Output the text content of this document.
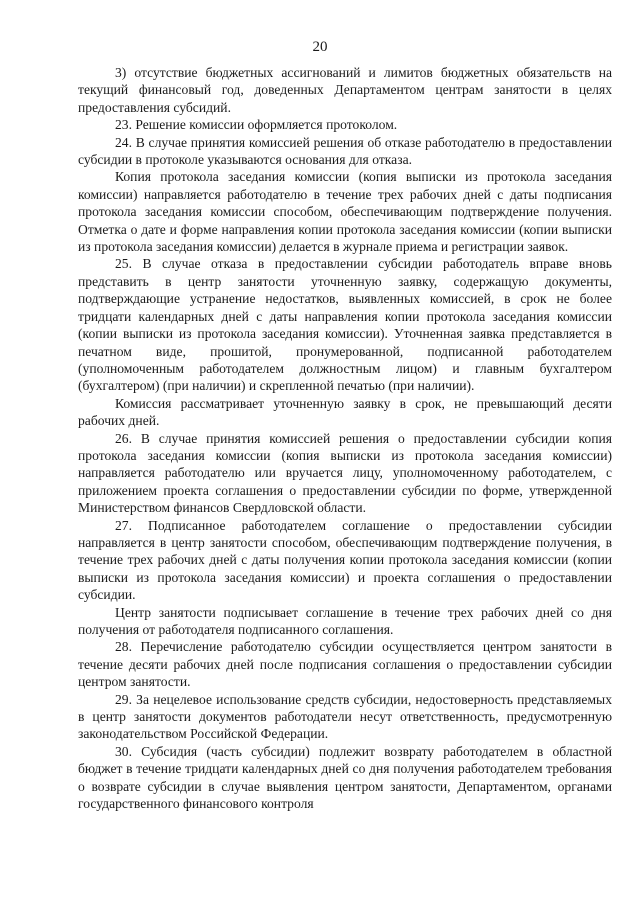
20

3) отсутствие бюджетных ассигнований и лимитов бюджетных обязательств на текущий финансовый год, доведенных Департаментом центрам занятости в целях предоставления субсидий.

23. Решение комиссии оформляется протоколом.

24. В случае принятия комиссией решения об отказе работодателю в предоставлении субсидии в протоколе указываются основания для отказа.

Копия протокола заседания комиссии (копия выписки из протокола заседания комиссии) направляется работодателю в течение трех рабочих дней с даты подписания протокола заседания комиссии способом, обеспечивающим подтверждение получения. Отметка о дате и форме направления копии протокола заседания комиссии (копии выписки из протокола заседания комиссии) делается в журнале приема и регистрации заявок.

25. В случае отказа в предоставлении субсидии работодатель вправе вновь представить в центр занятости уточненную заявку, содержащую документы, подтверждающие устранение недостатков, выявленных комиссией, в срок не более тридцати календарных дней с даты направления копии протокола заседания комиссии (копии выписки из протокола заседания комиссии). Уточненная заявка представляется в печатном виде, прошитой, пронумерованной, подписанной работодателем (уполномоченным работодателем должностным лицом) и главным бухгалтером (бухгалтером) (при наличии) и скрепленной печатью (при наличии).

Комиссия рассматривает уточненную заявку в срок, не превышающий десяти рабочих дней.

26. В случае принятия комиссией решения о предоставлении субсидии копия протокола заседания комиссии (копия выписки из протокола заседания комиссии) направляется работодателю или вручается лицу, уполномоченному работодателем, с приложением проекта соглашения о предоставлении субсидии по форме, утвержденной Министерством финансов Свердловской области.

27. Подписанное работодателем соглашение о предоставлении субсидии направляется в центр занятости способом, обеспечивающим подтверждение получения, в течение трех рабочих дней с даты получения копии протокола заседания комиссии (копии выписки из протокола заседания комиссии) и проекта соглашения о предоставлении субсидии.

Центр занятости подписывает соглашение в течение трех рабочих дней со дня получения от работодателя подписанного соглашения.

28. Перечисление работодателю субсидии осуществляется центром занятости в течение десяти рабочих дней после подписания соглашения о предоставлении субсидии центром занятости.

29. За нецелевое использование средств субсидии, недостоверность представляемых в центр занятости документов работодатели несут ответственность, предусмотренную законодательством Российской Федерации.

30. Субсидия (часть субсидии) подлежит возврату работодателем в областной бюджет в течение тридцати календарных дней со дня получения работодателем требования о возврате субсидии в случае выявления центром занятости, Департаментом, органами государственного финансового контроля
